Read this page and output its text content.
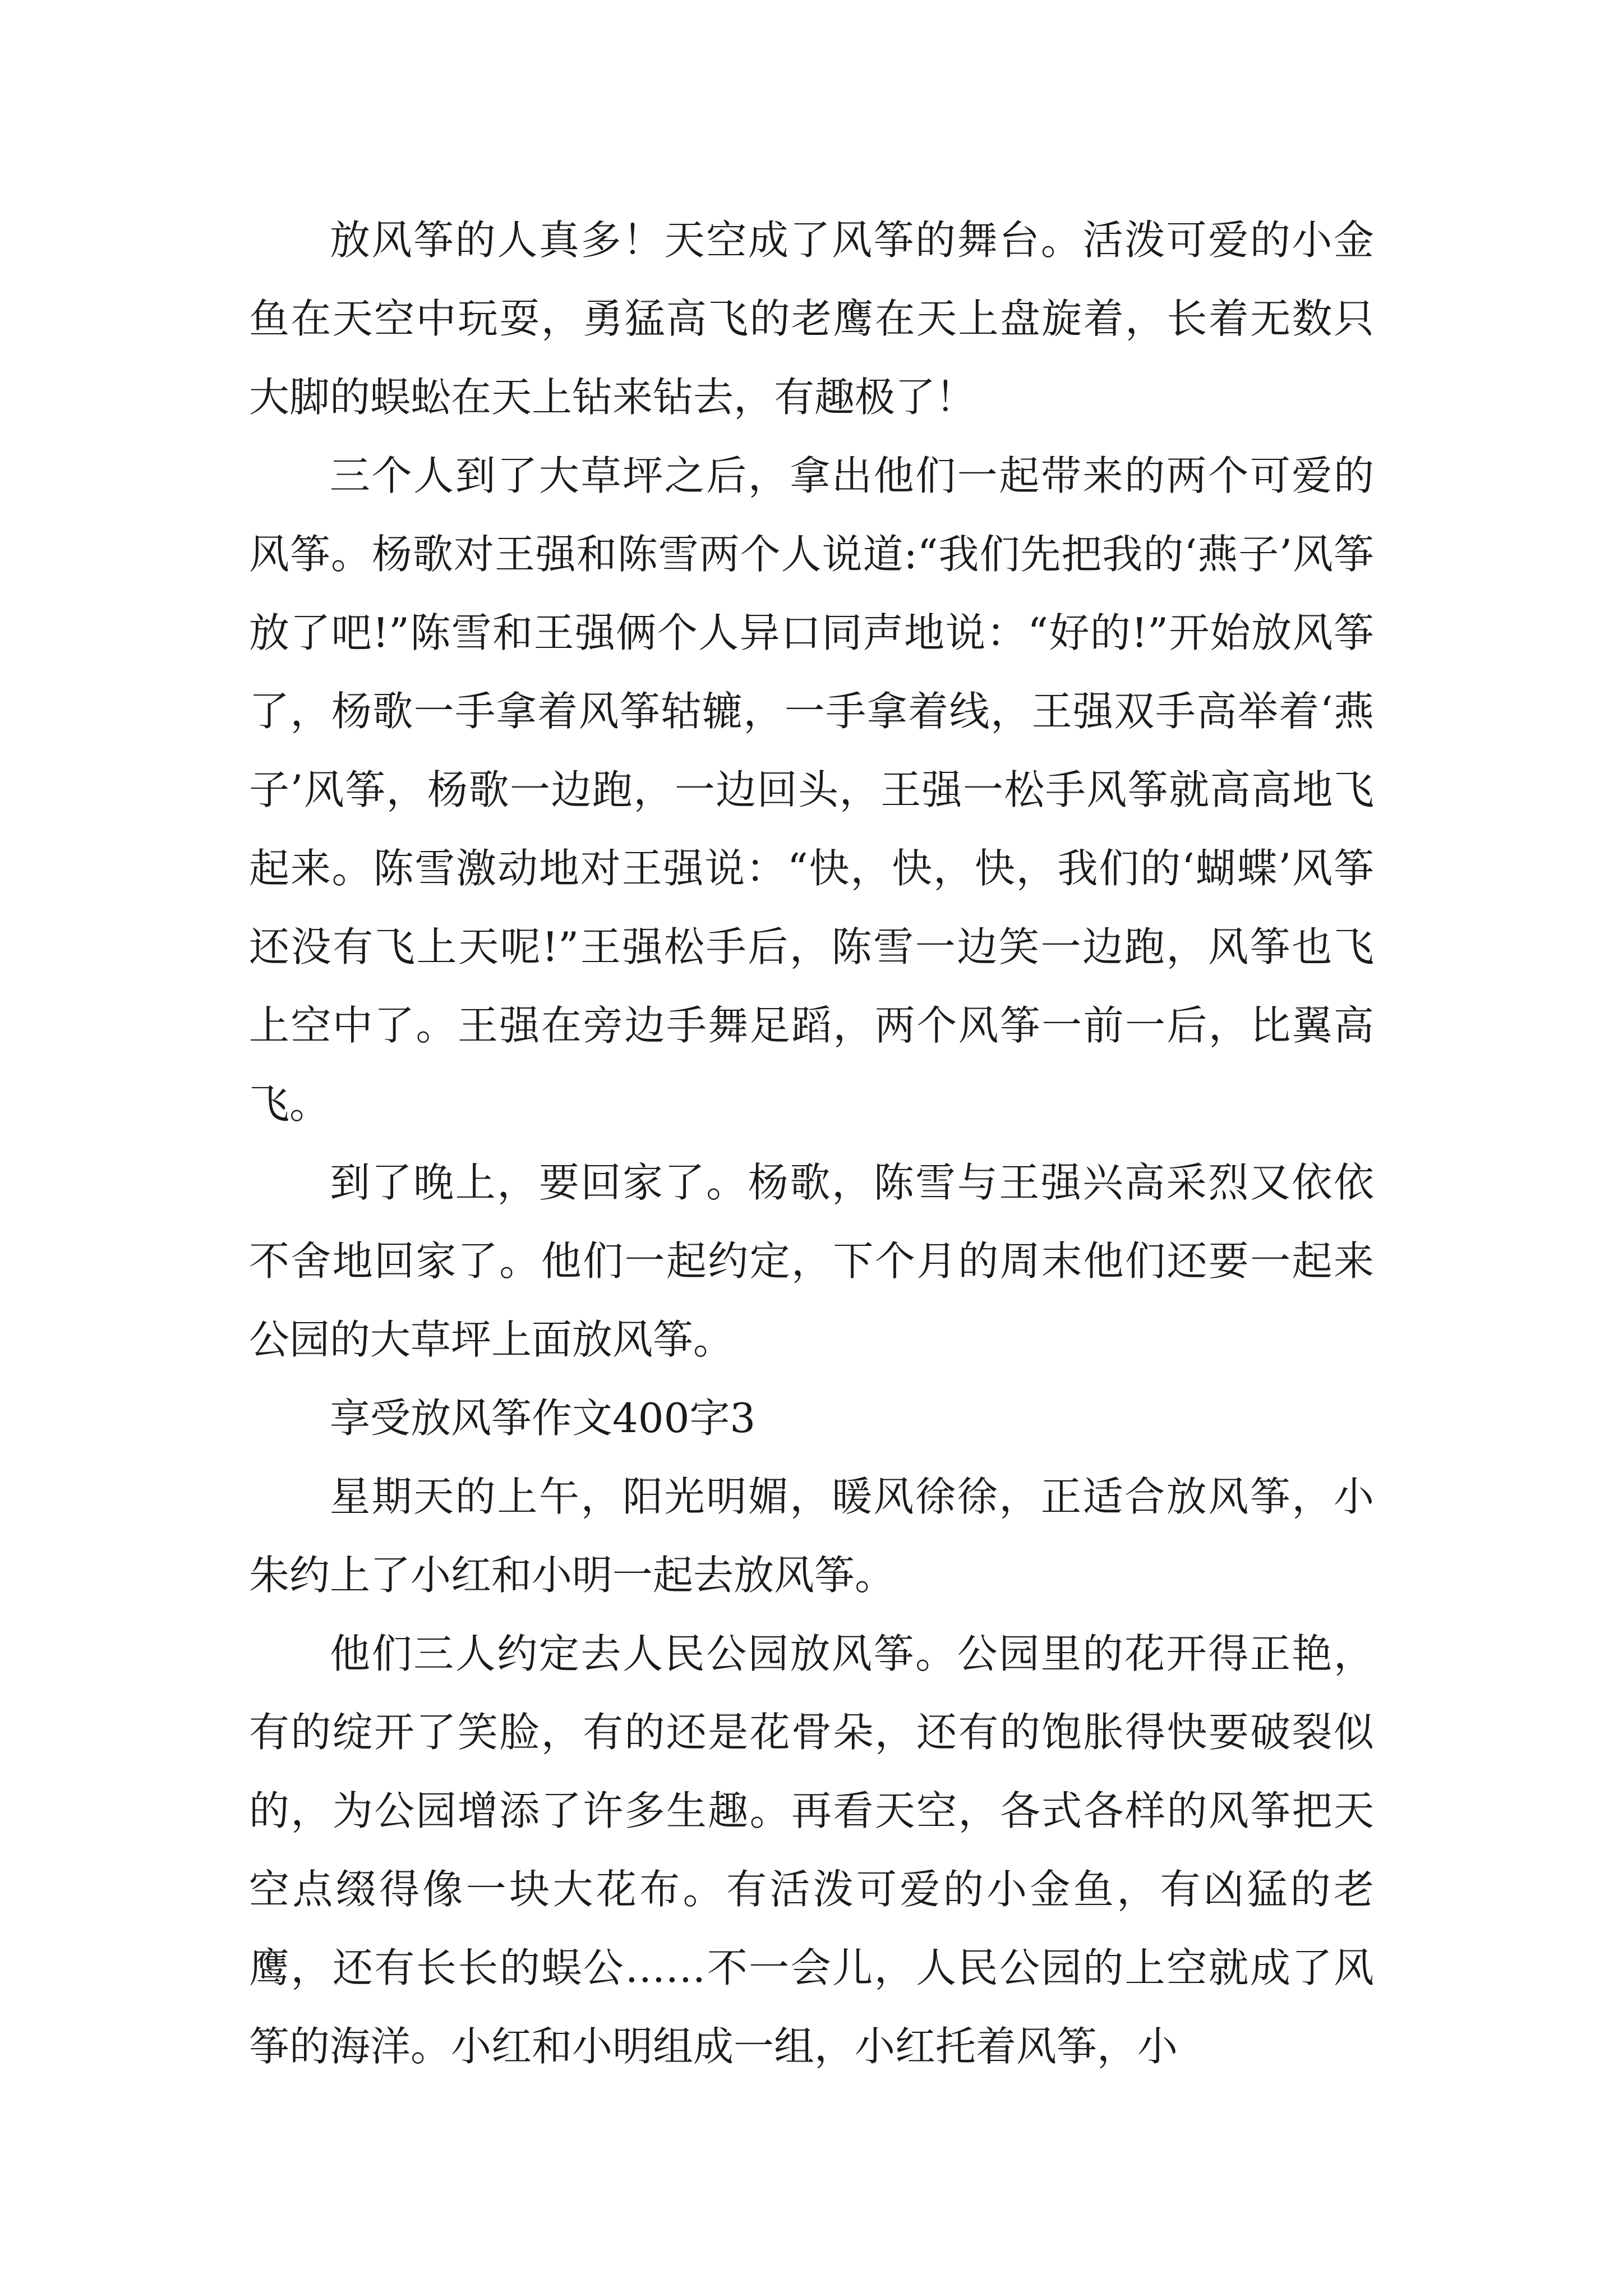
放风筝的人真多！天空成了风筝的舞台。活泼可爱的小金鱼在天空中玩耍，勇猛高飞的老鹰在天上盘旋着，长着无数只大脚的蜈蚣在天上钻来钻去，有趣极了！

三个人到了大草坪之后，拿出他们一起带来的两个可爱的风筝。杨歌对王强和陈雪两个人说道:“我们先把我的‘燕子’风筝放了吧!”陈雪和王强俩个人异口同声地说：“好的!”开始放风筝了，杨歌一手拿着风筝轱辘，一手拿着线，王强双手高举着‘燕子’风筝，杨歌一边跑，一边回头，王强一松手风筝就高高地飞起来。陈雪激动地对王强说：“快，快，快，我们的‘蝴蝶’风筝还没有飞上天呢!”王强松手后，陈雪一边笑一边跑，风筝也飞上空中了。王强在旁边手舞足蹈，两个风筝一前一后，比翼高飞。

到了晚上，要回家了。杨歌，陈雪与王强兴高采烈又依依不舍地回家了。他们一起约定，下个月的周末他们还要一起来公园的大草坪上面放风筝。

享受放风筝作文400字3

星期天的上午，阳光明媚，暖风徐徐，正适合放风筝，小朱约上了小红和小明一起去放风筝。

他们三人约定去人民公园放风筝。公园里的花开得正艳，有的绽开了笑脸，有的还是花骨朵，还有的饱胀得快要破裂似的，为公园增添了许多生趣。再看天空，各式各样的风筝把天空点缀得像一块大花布。有活泼可爱的小金鱼，有凶猛的老鹰，还有长长的蜈公……不一会儿，人民公园的上空就成了风筝的海洋。小红和小明组成一组，小红托着风筝，小
